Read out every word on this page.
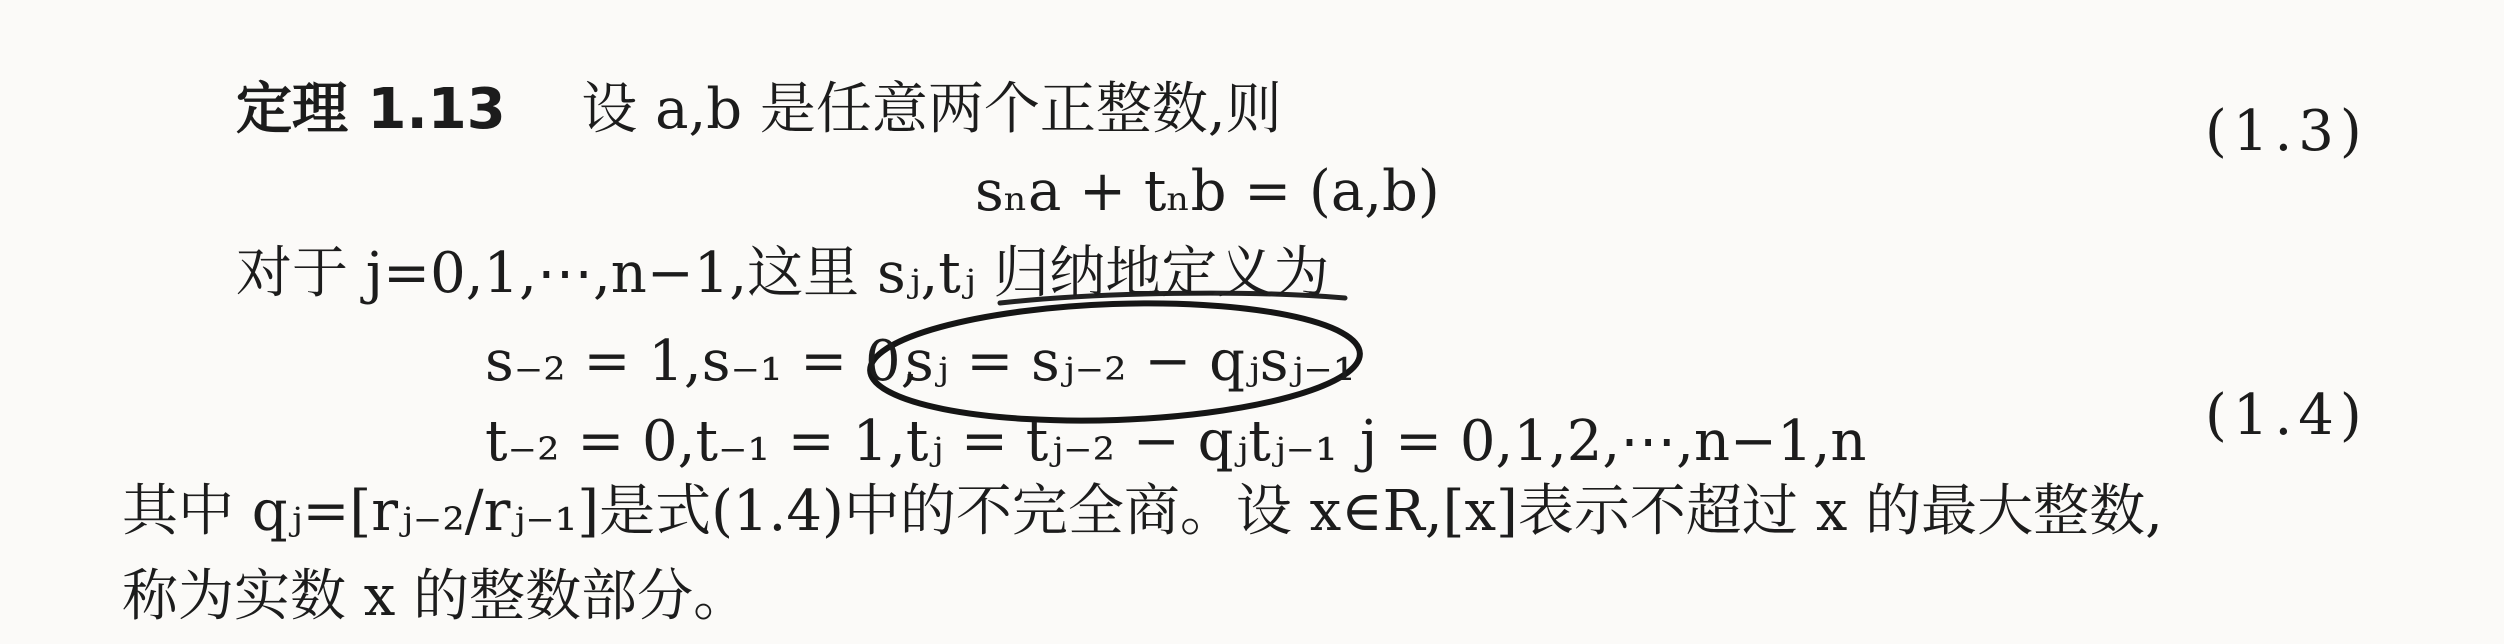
定理 1.13 设 a,b 是任意两个正整数,则	(1.3)
sₙa + tₙb = (a,b)
对于 j=0,1,⋯,n−1,这里 sⱼ,tⱼ 归纳地定义为
s₋₂ = 1,s₋₁ = 0,
sⱼ = sⱼ₋₂ − qⱼsⱼ₋₁
t₋₂ = 0,t₋₁ = 1,tⱼ = tⱼ₋₂ − qⱼtⱼ₋₁ j = 0,1,2,⋯,n−1,n	(1.4)
其中 qⱼ=[rⱼ₋₂/rⱼ₋₁]是式(1.4)中的不完全商。设 x∈R,[x]表示不超过 x 的最大整数,
称为实数 x 的整数部分。
